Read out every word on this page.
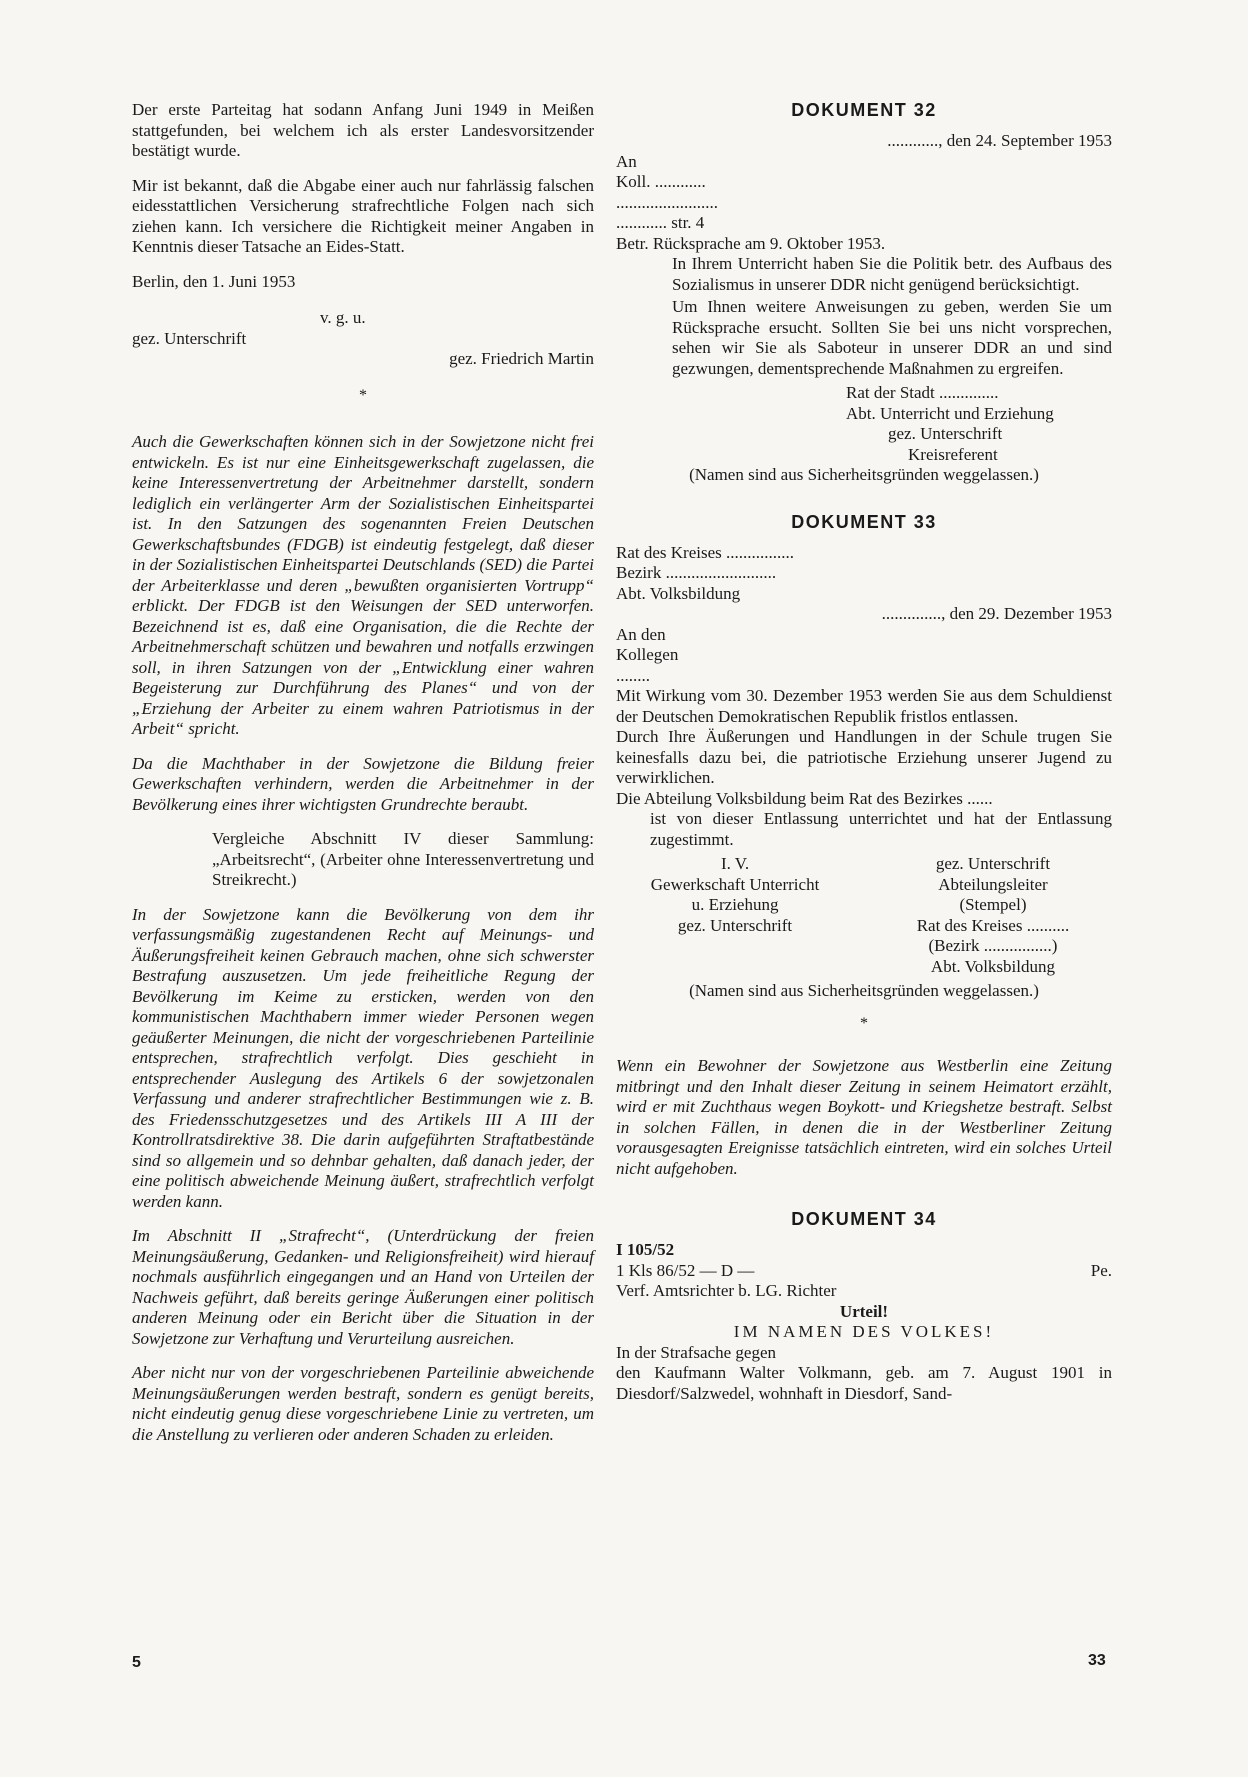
Der erste Parteitag hat sodann Anfang Juni 1949 in Meißen stattgefunden, bei welchem ich als erster Landesvorsitzender bestätigt wurde.

Mir ist bekannt, daß die Abgabe einer auch nur fahrlässig falschen eidesstattlichen Versicherung strafrechtliche Folgen nach sich ziehen kann. Ich versichere die Richtigkeit meiner Angaben in Kenntnis dieser Tatsache an Eides-Statt.

Berlin, den 1. Juni 1953

v. g. u.

gez. Unterschrift

gez. Friedrich Martin

*

Auch die Gewerkschaften können sich in der Sowjetzone nicht frei entwickeln. Es ist nur eine Einheitsgewerkschaft zugelassen, die keine Interessenvertretung der Arbeitnehmer darstellt, sondern lediglich ein verlängerter Arm der Sozialistischen Einheitspartei ist. In den Satzungen des sogenannten Freien Deutschen Gewerkschaftsbundes (FDGB) ist eindeutig festgelegt, daß dieser in der Sozialistischen Einheitspartei Deutschlands (SED) die Partei der Arbeiterklasse und deren „bewußten organisierten Vortrupp“ erblickt. Der FDGB ist den Weisungen der SED unterworfen. Bezeichnend ist es, daß eine Organisation, die die Rechte der Arbeitnehmerschaft schützen und bewahren und notfalls erzwingen soll, in ihren Satzungen von der „Entwicklung einer wahren Begeisterung zur Durchführung des Planes“ und von der „Erziehung der Arbeiter zu einem wahren Patriotismus in der Arbeit“ spricht.

Da die Machthaber in der Sowjetzone die Bildung freier Gewerkschaften verhindern, werden die Arbeitnehmer in der Bevölkerung eines ihrer wichtigsten Grundrechte beraubt.

Vergleiche Abschnitt IV dieser Sammlung: „Arbeitsrecht“, (Arbeiter ohne Interessenvertretung und Streikrecht.)

In der Sowjetzone kann die Bevölkerung von dem ihr verfassungsmäßig zugestandenen Recht auf Meinungs- und Äußerungsfreiheit keinen Gebrauch machen, ohne sich schwerster Bestrafung auszusetzen. Um jede freiheitliche Regung der Bevölkerung im Keime zu ersticken, werden von den kommunistischen Machthabern immer wieder Personen wegen geäußerter Meinungen, die nicht der vorgeschriebenen Parteilinie entsprechen, strafrechtlich verfolgt. Dies geschieht in entsprechender Auslegung des Artikels 6 der sowjetzonalen Verfassung und anderer strafrechtlicher Bestimmungen wie z. B. des Friedensschutzgesetzes und des Artikels III A III der Kontrollratsdirektive 38. Die darin aufgeführten Straftatbestände sind so allgemein und so dehnbar gehalten, daß danach jeder, der eine politisch abweichende Meinung äußert, strafrechtlich verfolgt werden kann.

Im Abschnitt II „Strafrecht“, (Unterdrückung der freien Meinungsäußerung, Gedanken- und Religionsfreiheit) wird hierauf nochmals ausführlich eingegangen und an Hand von Urteilen der Nachweis geführt, daß bereits geringe Äußerungen einer politisch anderen Meinung oder ein Bericht über die Situation in der Sowjetzone zur Verhaftung und Verurteilung ausreichen.

Aber nicht nur von der vorgeschriebenen Parteilinie abweichende Meinungsäußerungen werden bestraft, sondern es genügt bereits, nicht eindeutig genug diese vorgeschriebene Linie zu vertreten, um die Anstellung zu verlieren oder anderen Schaden zu erleiden.

DOKUMENT 32

............, den 24. September 1953

An

Koll. ............

........................

............ str. 4

Betr. Rücksprache am 9. Oktober 1953.

In Ihrem Unterricht haben Sie die Politik betr. des Aufbaus des Sozialismus in unserer DDR nicht genügend berücksichtigt.

Um Ihnen weitere Anweisungen zu geben, werden Sie um Rücksprache ersucht. Sollten Sie bei uns nicht vorsprechen, sehen wir Sie als Saboteur in unserer DDR an und sind gezwungen, dementsprechende Maßnahmen zu ergreifen.

Rat der Stadt ..............

Abt. Unterricht und Erziehung

gez. Unterschrift

Kreisreferent

(Namen sind aus Sicherheitsgründen weggelassen.)

DOKUMENT 33

Rat des Kreises ................

Bezirk ..........................

Abt. Volksbildung

.............., den 29. Dezember 1953

An den

Kollegen

........

Mit Wirkung vom 30. Dezember 1953 werden Sie aus dem Schuldienst der Deutschen Demokratischen Republik fristlos entlassen.

Durch Ihre Äußerungen und Handlungen in der Schule trugen Sie keinesfalls dazu bei, die patriotische Erziehung unserer Jugend zu verwirklichen.

Die Abteilung Volksbildung beim Rat des Bezirkes ......

ist von dieser Entlassung unterrichtet und hat der Entlassung zugestimmt.

I. V.

Gewerkschaft Unterricht

u. Erziehung

gez. Unterschrift

gez. Unterschrift

Abteilungsleiter

(Stempel)

Rat des Kreises ..........

(Bezirk ................)

Abt. Volksbildung

(Namen sind aus Sicherheitsgründen weggelassen.)

*

Wenn ein Bewohner der Sowjetzone aus Westberlin eine Zeitung mitbringt und den Inhalt dieser Zeitung in seinem Heimatort erzählt, wird er mit Zuchthaus wegen Boykott- und Kriegshetze bestraft. Selbst in solchen Fällen, in denen die in der Westberliner Zeitung vorausgesagten Ereignisse tatsächlich eintreten, wird ein solches Urteil nicht aufgehoben.

DOKUMENT 34

I 105/52

1 Kls 86/52 — D —	Pe.

Verf. Amtsrichter b. LG. Richter

Urteil!

IM NAMEN DES VOLKES!

In der Strafsache gegen

den Kaufmann Walter Volkmann, geb. am 7. August 1901 in Diesdorf/Salzwedel, wohnhaft in Diesdorf, Sand-

5	33
